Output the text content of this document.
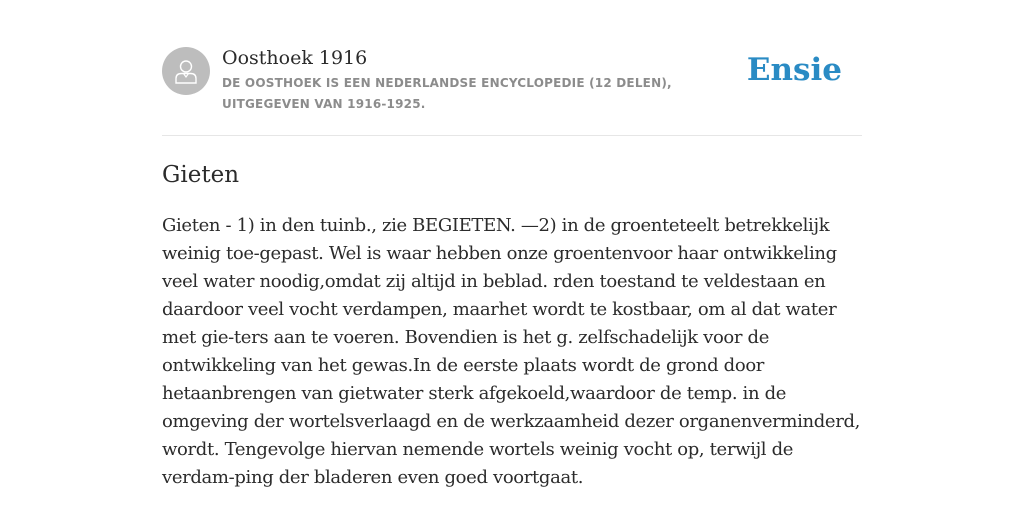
Oosthoek 1916
DE OOSTHOEK IS EEN NEDERLANDSE ENCYCLOPEDIE (12 DELEN), UITGEGEVEN VAN 1916-1925.
Ensie
Gieten

Gieten - 1) in den tuinb., zie BEGIETEN. —2) in de groenteteelt betrekkelijk weinig toe-gepast. Wel is waar hebben onze groentenvoor haar ontwikkeling veel water noodig,omdat zij altijd in beblad. rden toestand te veldestaan en daardoor veel vocht verdampen, maarhet wordt te kostbaar, om al dat water met gie-ters aan te voeren. Bovendien is het g. zelfschadelijk voor de ontwikkeling van het gewas.In de eerste plaats wordt de grond door hetaanbrengen van gietwater sterk afgekoeld,waardoor de temp. in de omgeving der wortelsverlaagd en de werkzaamheid dezer organenverminderd, wordt. Tengevolge hiervan nemende wortels weinig vocht op, terwijl de verdam-ping der bladeren even goed voortgaat.
